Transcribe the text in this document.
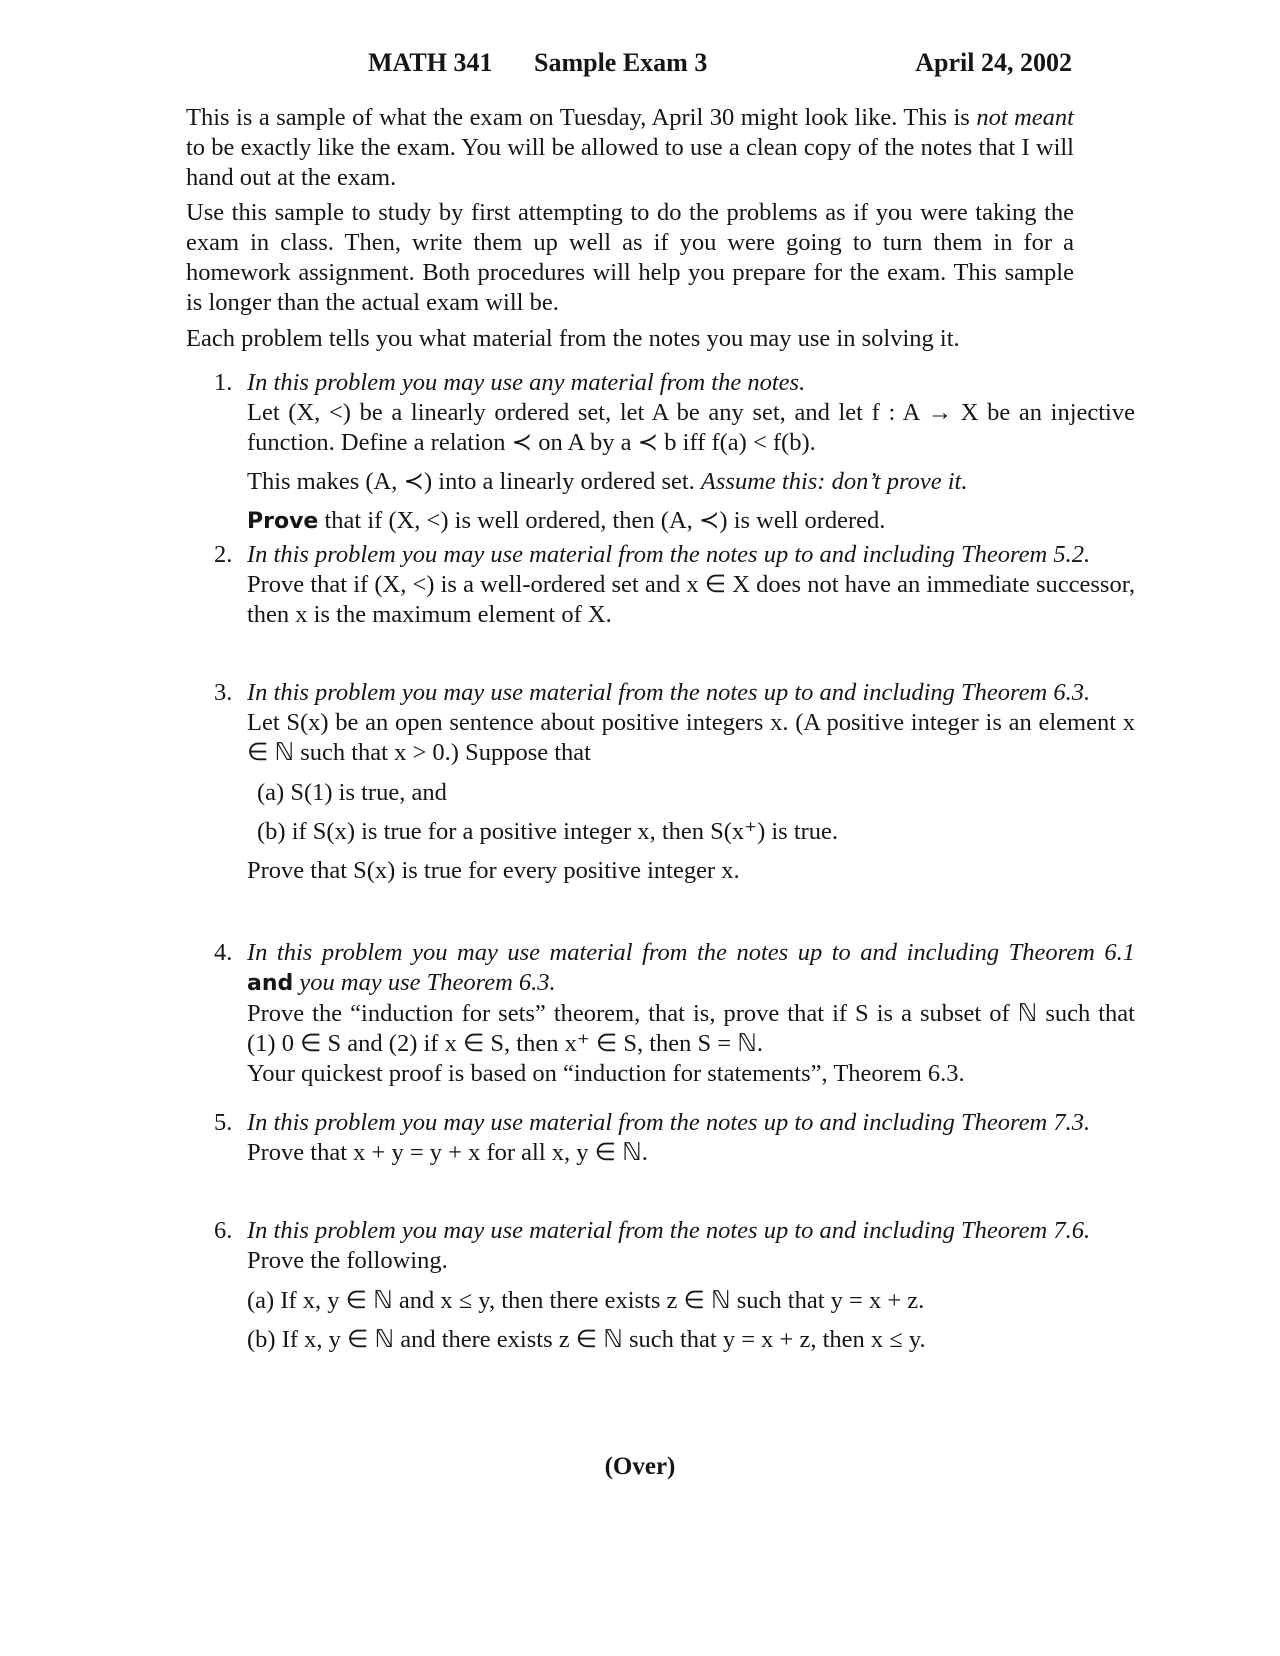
MATH 341 Sample Exam 3	April 24, 2002

This is a sample of what the exam on Tuesday, April 30 might look like. This is not meant to be exactly like the exam. You will be allowed to use a clean copy of the notes that I will hand out at the exam.

Use this sample to study by first attempting to do the problems as if you were taking the exam in class. Then, write them up well as if you were going to turn them in for a homework assignment. Both procedures will help you prepare for the exam. This sample is longer than the actual exam will be.

Each problem tells you what material from the notes you may use in solving it.

1. In this problem you may use any material from the notes.

Let (X, <) be a linearly ordered set, let A be any set, and let f : A → X be an injective function. Define a relation ≺ on A by a ≺ b iff f(a) < f(b).

This makes (A, ≺) into a linearly ordered set. Assume this: don’t prove it.

Prove that if (X, <) is well ordered, then (A, ≺) is well ordered.

2. In this problem you may use material from the notes up to and including Theorem 5.2.

Prove that if (X, <) is a well-ordered set and x ∈ X does not have an immediate successor, then x is the maximum element of X.

3. In this problem you may use material from the notes up to and including Theorem 6.3.

Let S(x) be an open sentence about positive integers x. (A positive integer is an element x ∈ ℕ such that x > 0.) Suppose that

(a) S(1) is true, and
(b) if S(x) is true for a positive integer x, then S(x⁺) is true.

Prove that S(x) is true for every positive integer x.

4. In this problem you may use material from the notes up to and including Theorem 6.1 and you may use Theorem 6.3.

Prove the “induction for sets” theorem, that is, prove that if S is a subset of ℕ such that (1) 0 ∈ S and (2) if x ∈ S, then x⁺ ∈ S, then S = ℕ.

Your quickest proof is based on “induction for statements”, Theorem 6.3.

5. In this problem you may use material from the notes up to and including Theorem 7.3.

Prove that x + y = y + x for all x, y ∈ ℕ.

6. In this problem you may use material from the notes up to and including Theorem 7.6.

Prove the following.

(a) If x, y ∈ ℕ and x ≤ y, then there exists z ∈ ℕ such that y = x + z.
(b) If x, y ∈ ℕ and there exists z ∈ ℕ such that y = x + z, then x ≤ y.
(Over)
